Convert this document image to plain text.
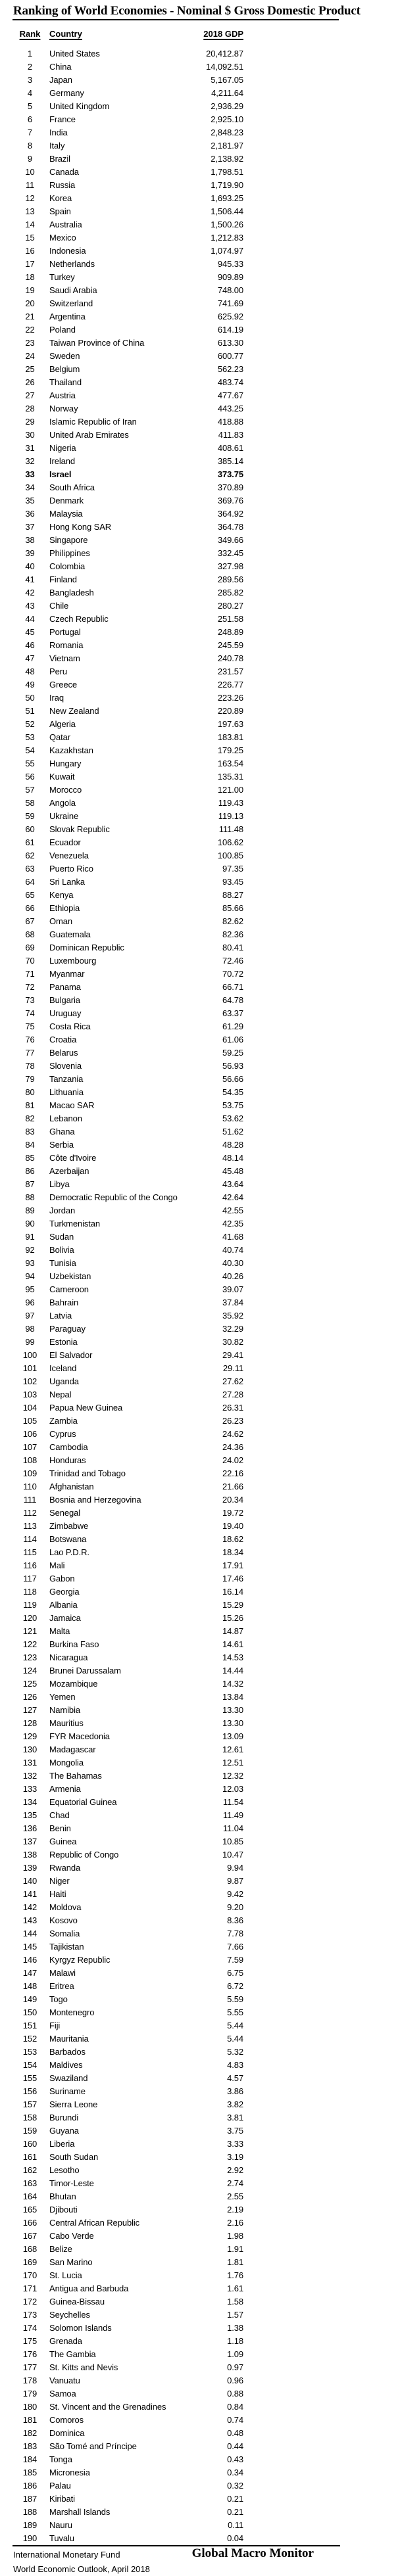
Ranking of World Economies - Nominal $ Gross Domestic Product
Rank	Country	2018 GDP
1	United States	20,412.87
2	China	14,092.51
3	Japan	5,167.05
4	Germany	4,211.64
5	United Kingdom	2,936.29
6	France	2,925.10
7	India	2,848.23
8	Italy	2,181.97
9	Brazil	2,138.92
10	Canada	1,798.51
11	Russia	1,719.90
12	Korea	1,693.25
13	Spain	1,506.44
14	Australia	1,500.26
15	Mexico	1,212.83
16	Indonesia	1,074.97
17	Netherlands	945.33
18	Turkey	909.89
19	Saudi Arabia	748.00
20	Switzerland	741.69
21	Argentina	625.92
22	Poland	614.19
23	Taiwan Province of China	613.30
24	Sweden	600.77
25	Belgium	562.23
26	Thailand	483.74
27	Austria	477.67
28	Norway	443.25
29	Islamic Republic of Iran	418.88
30	United Arab Emirates	411.83
31	Nigeria	408.61
32	Ireland	385.14
33	Israel	373.75
34	South Africa	370.89
35	Denmark	369.76
36	Malaysia	364.92
37	Hong Kong SAR	364.78
38	Singapore	349.66
39	Philippines	332.45
40	Colombia	327.98
41	Finland	289.56
42	Bangladesh	285.82
43	Chile	280.27
44	Czech Republic	251.58
45	Portugal	248.89
46	Romania	245.59
47	Vietnam	240.78
48	Peru	231.57
49	Greece	226.77
50	Iraq	223.26
51	New Zealand	220.89
52	Algeria	197.63
53	Qatar	183.81
54	Kazakhstan	179.25
55	Hungary	163.54
56	Kuwait	135.31
57	Morocco	121.00
58	Angola	119.43
59	Ukraine	119.13
60	Slovak Republic	111.48
61	Ecuador	106.62
62	Venezuela	100.85
63	Puerto Rico	97.35
64	Sri Lanka	93.45
65	Kenya	88.27
66	Ethiopia	85.66
67	Oman	82.62
68	Guatemala	82.36
69	Dominican Republic	80.41
70	Luxembourg	72.46
71	Myanmar	70.72
72	Panama	66.71
73	Bulgaria	64.78
74	Uruguay	63.37
75	Costa Rica	61.29
76	Croatia	61.06
77	Belarus	59.25
78	Slovenia	56.93
79	Tanzania	56.66
80	Lithuania	54.35
81	Macao SAR	53.75
82	Lebanon	53.62
83	Ghana	51.62
84	Serbia	48.28
85	Côte d'Ivoire	48.14
86	Azerbaijan	45.48
87	Libya	43.64
88	Democratic Republic of the Congo	42.64
89	Jordan	42.55
90	Turkmenistan	42.35
91	Sudan	41.68
92	Bolivia	40.74
93	Tunisia	40.30
94	Uzbekistan	40.26
95	Cameroon	39.07
96	Bahrain	37.84
97	Latvia	35.92
98	Paraguay	32.29
99	Estonia	30.82
100	El Salvador	29.41
101	Iceland	29.11
102	Uganda	27.62
103	Nepal	27.28
104	Papua New Guinea	26.31
105	Zambia	26.23
106	Cyprus	24.62
107	Cambodia	24.36
108	Honduras	24.02
109	Trinidad and Tobago	22.16
110	Afghanistan	21.66
111	Bosnia and Herzegovina	20.34
112	Senegal	19.72
113	Zimbabwe	19.40
114	Botswana	18.62
115	Lao P.D.R.	18.34
116	Mali	17.91
117	Gabon	17.46
118	Georgia	16.14
119	Albania	15.29
120	Jamaica	15.26
121	Malta	14.87
122	Burkina Faso	14.61
123	Nicaragua	14.53
124	Brunei Darussalam	14.44
125	Mozambique	14.32
126	Yemen	13.84
127	Namibia	13.30
128	Mauritius	13.30
129	FYR Macedonia	13.09
130	Madagascar	12.61
131	Mongolia	12.51
132	The Bahamas	12.32
133	Armenia	12.03
134	Equatorial Guinea	11.54
135	Chad	11.49
136	Benin	11.04
137	Guinea	10.85
138	Republic of Congo	10.47
139	Rwanda	9.94
140	Niger	9.87
141	Haiti	9.42
142	Moldova	9.20
143	Kosovo	8.36
144	Somalia	7.78
145	Tajikistan	7.66
146	Kyrgyz Republic	7.59
147	Malawi	6.75
148	Eritrea	6.72
149	Togo	5.59
150	Montenegro	5.55
151	Fiji	5.44
152	Mauritania	5.44
153	Barbados	5.32
154	Maldives	4.83
155	Swaziland	4.57
156	Suriname	3.86
157	Sierra Leone	3.82
158	Burundi	3.81
159	Guyana	3.75
160	Liberia	3.33
161	South Sudan	3.19
162	Lesotho	2.92
163	Timor-Leste	2.74
164	Bhutan	2.55
165	Djibouti	2.19
166	Central African Republic	2.16
167	Cabo Verde	1.98
168	Belize	1.91
169	San Marino	1.81
170	St. Lucia	1.76
171	Antigua and Barbuda	1.61
172	Guinea-Bissau	1.58
173	Seychelles	1.57
174	Solomon Islands	1.38
175	Grenada	1.18
176	The Gambia	1.09
177	St. Kitts and Nevis	0.97
178	Vanuatu	0.96
179	Samoa	0.88
180	St. Vincent and the Grenadines	0.84
181	Comoros	0.74
182	Dominica	0.48
183	São Tomé and Príncipe	0.44
184	Tonga	0.43
185	Micronesia	0.34
186	Palau	0.32
187	Kiribati	0.21
188	Marshall Islands	0.21
189	Nauru	0.11
190	Tuvalu	0.04
International Monetary Fund
World Economic Outlook, April 2018
Global Macro Monitor
